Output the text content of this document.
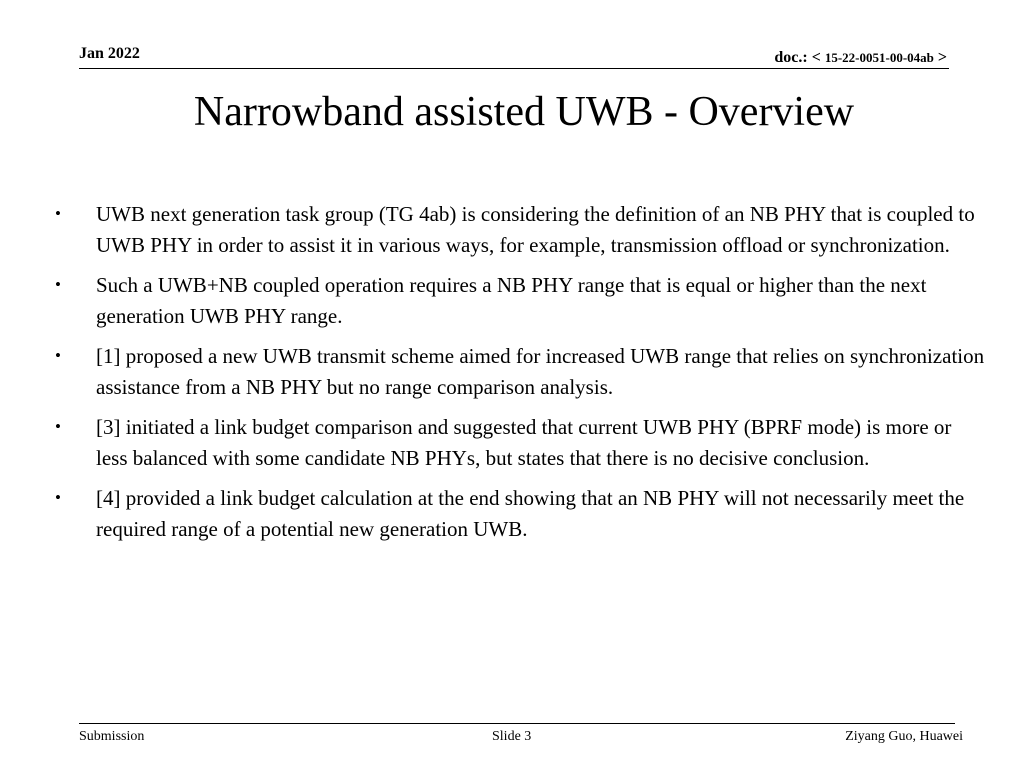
Jan 2022	doc.: < 15-22-0051-00-04ab >
Narrowband assisted UWB - Overview
• UWB next generation task group (TG 4ab) is considering the definition of an NB PHY that is coupled to UWB PHY in order to assist it in various ways, for example, transmission offload or synchronization.
• Such a UWB+NB coupled operation requires a NB PHY range that is equal or higher than the next generation UWB PHY range.
• [1] proposed a new UWB transmit scheme aimed for increased UWB range that relies on synchronization assistance from a NB PHY but no range comparison analysis.
• [3] initiated a link budget comparison and suggested that current UWB PHY (BPRF mode) is more or less balanced with some candidate NB PHYs, but states that there is no decisive conclusion.
• [4] provided a link budget calculation at the end showing that an NB PHY will not necessarily meet the required range of a potential new generation UWB.
Submission	Slide 3	Ziyang Guo, Huawei
